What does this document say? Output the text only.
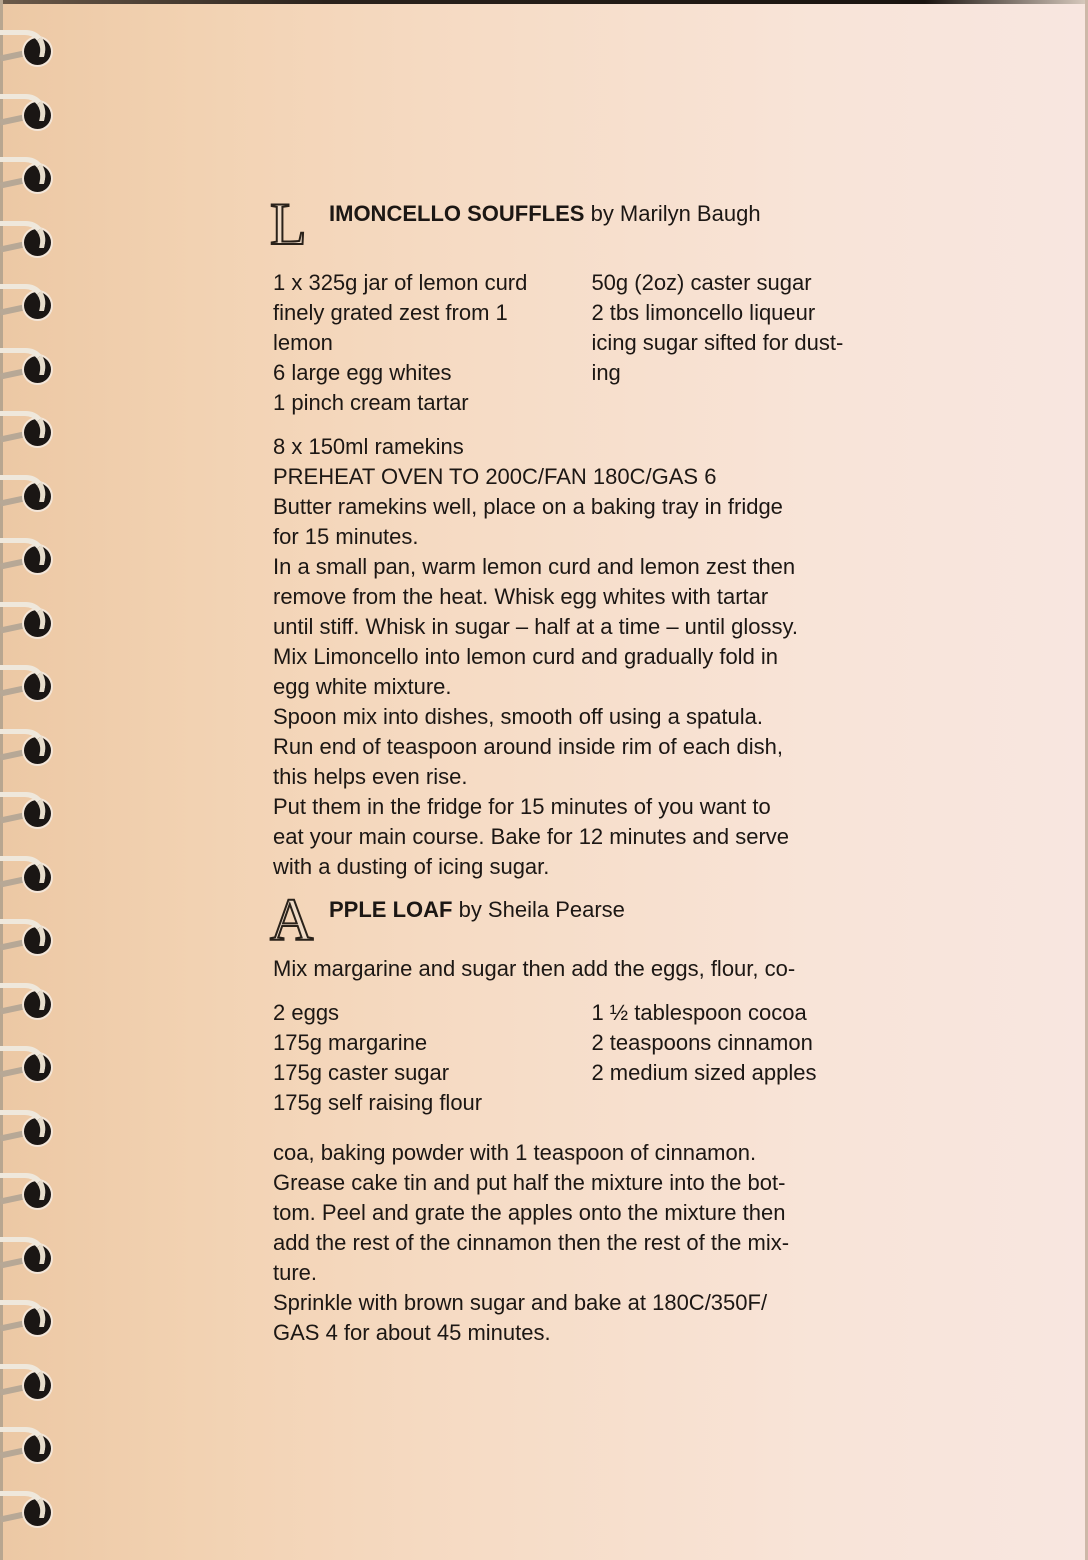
L IMONCELLO SOUFFLES by Marilyn Baugh

1 x 325g jar of lemon curd

finely grated zest from 1

lemon

6 large egg whites

1 pinch cream tartar

50g (2oz) caster sugar

2 tbs limoncello liqueur

icing sugar sifted for dust-

ing

8 x 150ml ramekins

PREHEAT OVEN TO 200C/FAN 180C/GAS 6

Butter ramekins well, place on a baking tray in fridge

for 15 minutes.

In a small pan, warm lemon curd and lemon zest then

remove from the heat. Whisk egg whites with tartar

until stiff. Whisk in sugar – half at a time – until glossy.

Mix Limoncello into lemon curd and gradually fold in

egg white mixture.

Spoon mix into dishes, smooth off using a spatula.

Run end of teaspoon around inside rim of each dish,

this helps even rise.

Put them in the fridge for 15 minutes of you want to

eat your main course. Bake for 12 minutes and serve

with a dusting of icing sugar.

A PPLE LOAF by Sheila Pearse

Mix margarine and sugar then add the eggs, flour, co-

2 eggs

175g margarine

175g caster sugar

175g self raising flour

1 ½ tablespoon cocoa

2 teaspoons cinnamon

2 medium sized apples

coa, baking powder with 1 teaspoon of cinnamon.

Grease cake tin and put half the mixture into the bot-

tom. Peel and grate the apples onto the mixture then

add the rest of the cinnamon then the rest of the mix-

ture.

Sprinkle with brown sugar and bake at 180C/350F/

GAS 4 for about 45 minutes.
